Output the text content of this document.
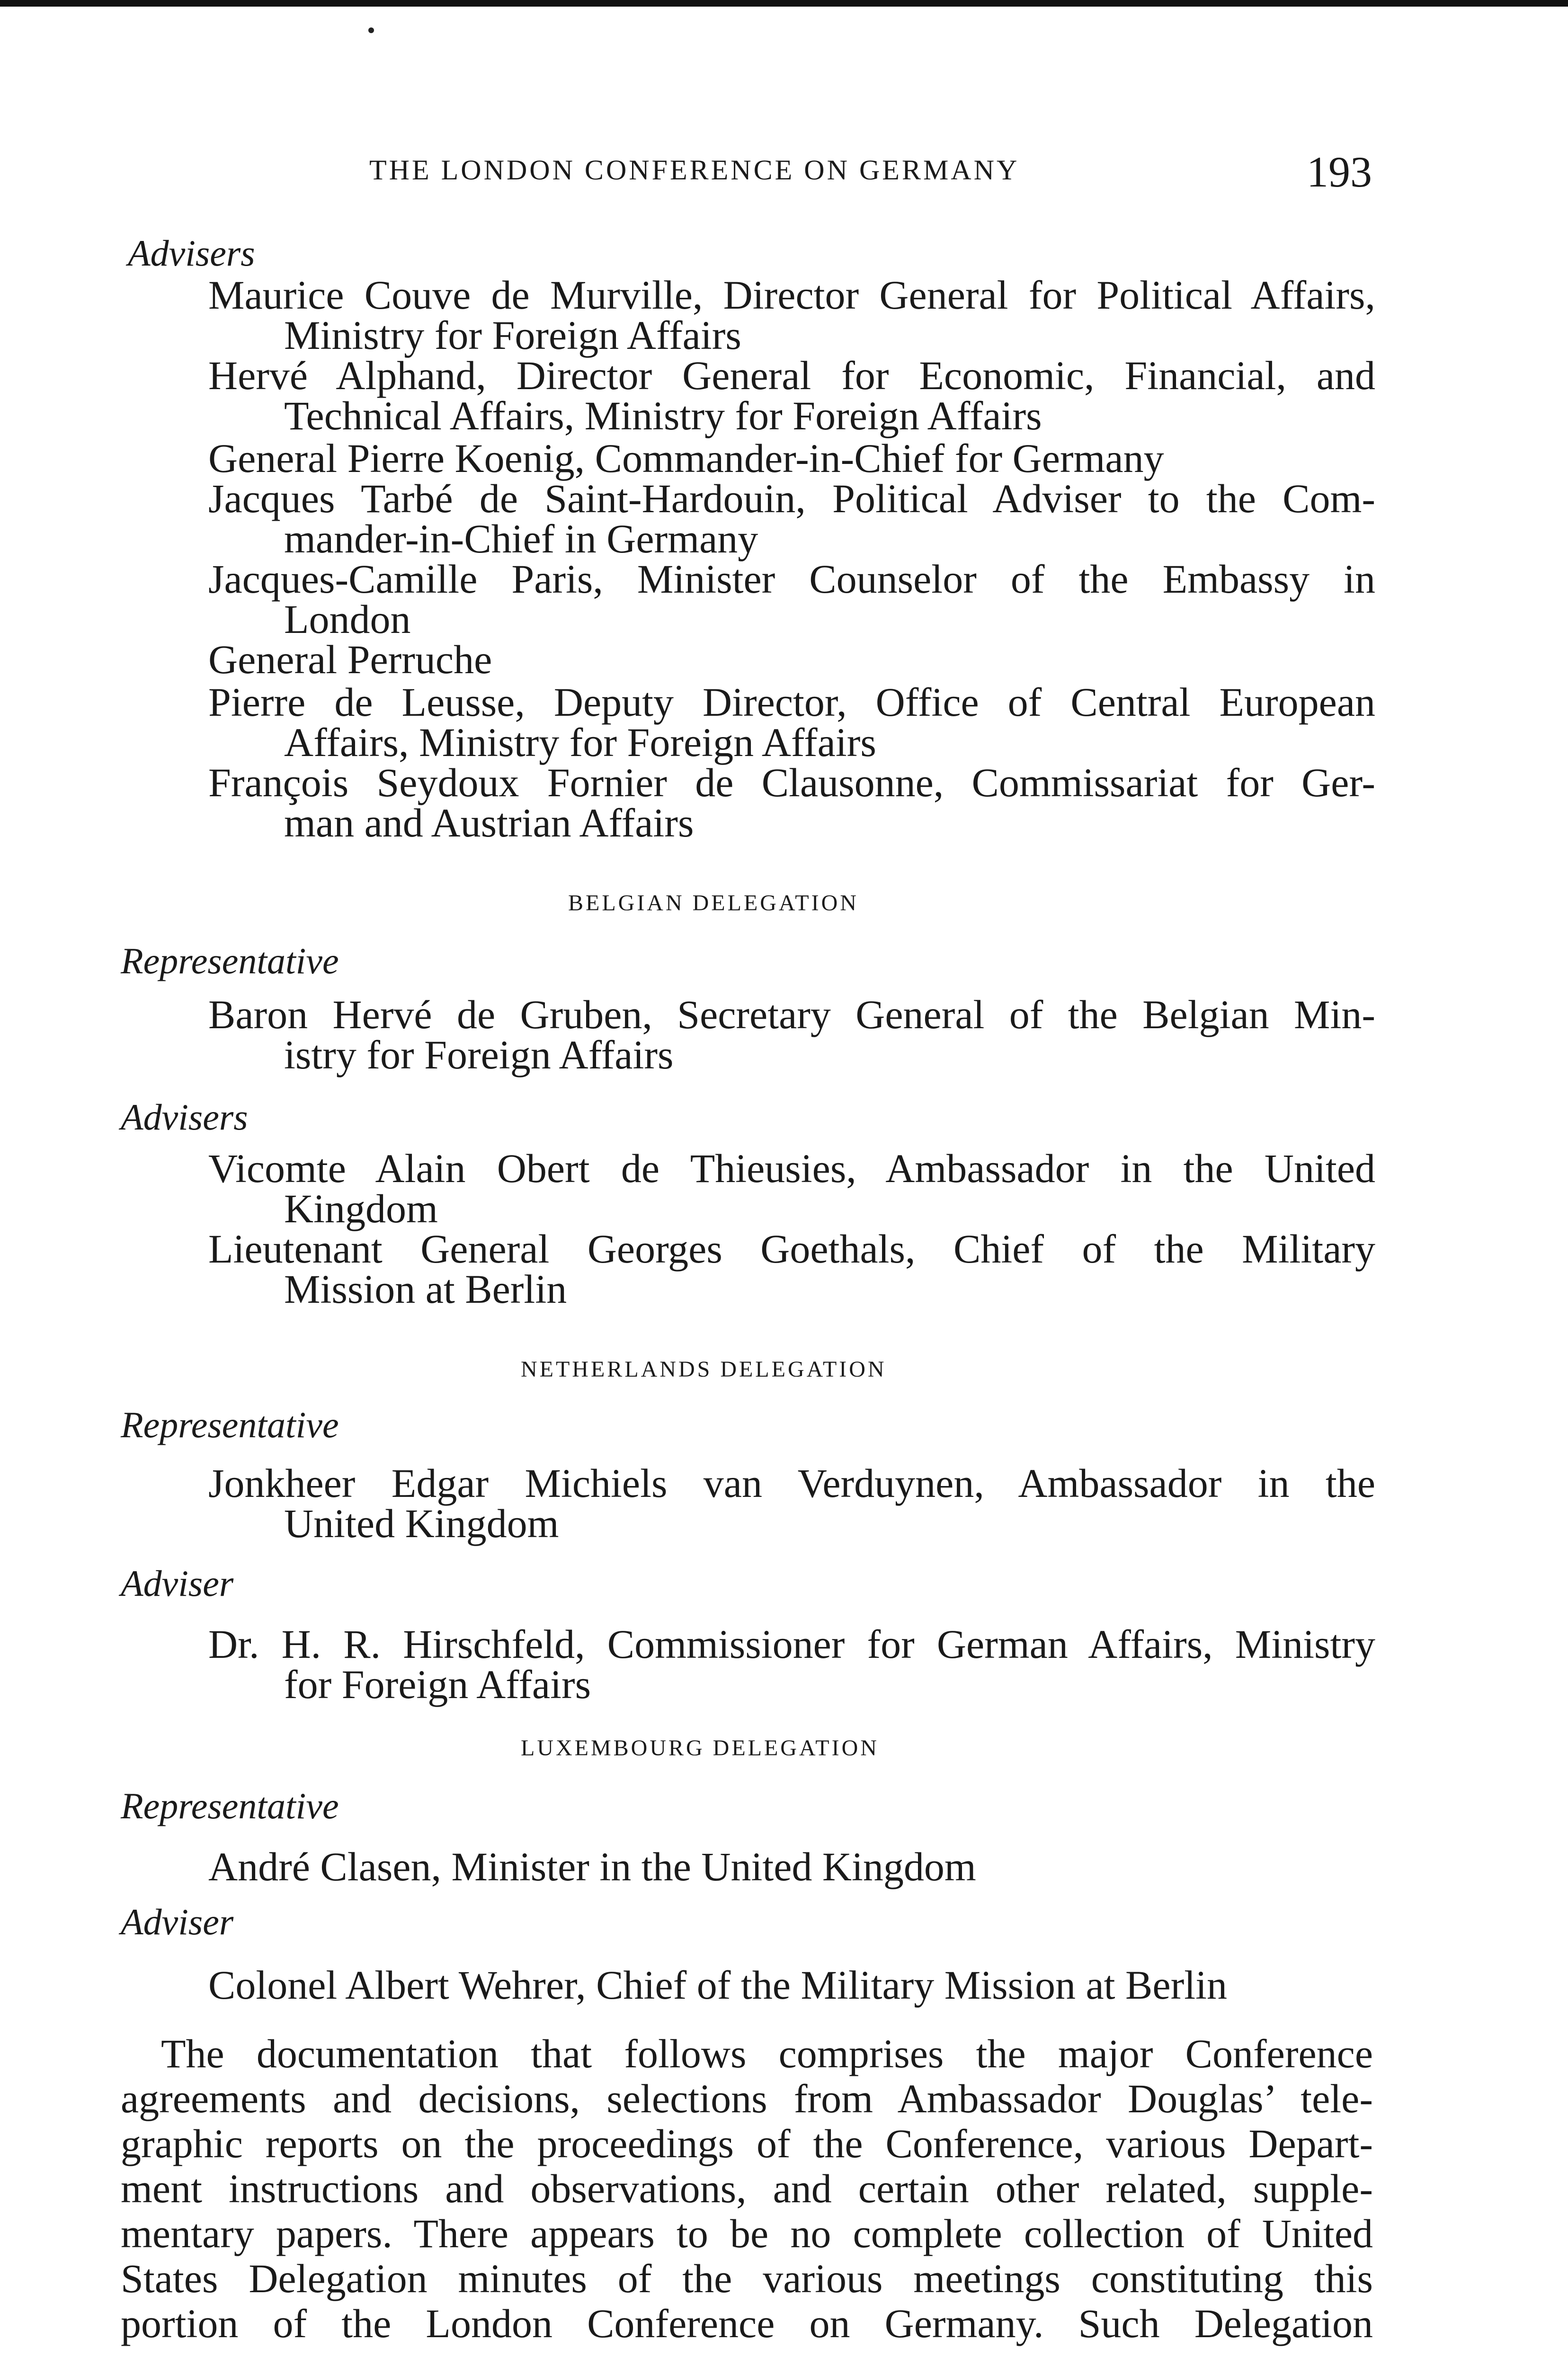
THE LONDON CONFERENCE ON GERMANY	193
Advisers
Maurice Couve de Murville, Director General for Political Affairs,
Ministry for Foreign Affairs
Hervé Alphand, Director General for Economic, Financial, and
Technical Affairs, Ministry for Foreign Affairs
General Pierre Koenig, Commander-in-Chief for Germany
Jacques Tarbé de Saint-Hardouin, Political Adviser to the Com-
mander-in-Chief in Germany
Jacques-Camille Paris, Minister Counselor of the Embassy in
London
General Perruche
Pierre de Leusse, Deputy Director, Office of Central European
Affairs, Ministry for Foreign Affairs
François Seydoux Fornier de Clausonne, Commissariat for Ger-
man and Austrian Affairs
BELGIAN DELEGATION
Representative
Baron Hervé de Gruben, Secretary General of the Belgian Min-
istry for Foreign Affairs
Advisers
Vicomte Alain Obert de Thieusies, Ambassador in the United
Kingdom
Lieutenant General Georges Goethals, Chief of the Military
Mission at Berlin
NETHERLANDS DELEGATION
Representative
Jonkheer Edgar Michiels van Verduynen, Ambassador in the
United Kingdom
Adviser
Dr. H. R. Hirschfeld, Commissioner for German Affairs, Ministry
for Foreign Affairs
LUXEMBOURG DELEGATION
Representative
André Clasen, Minister in the United Kingdom
Adviser
Colonel Albert Wehrer, Chief of the Military Mission at Berlin
The documentation that follows comprises the major Conference
agreements and decisions, selections from Ambassador Douglas’ tele-
graphic reports on the proceedings of the Conference, various Depart-
ment instructions and observations, and certain other related, supple-
mentary papers. There appears to be no complete collection of United
States Delegation minutes of the various meetings constituting this
portion of the London Conference on Germany. Such Delegation
